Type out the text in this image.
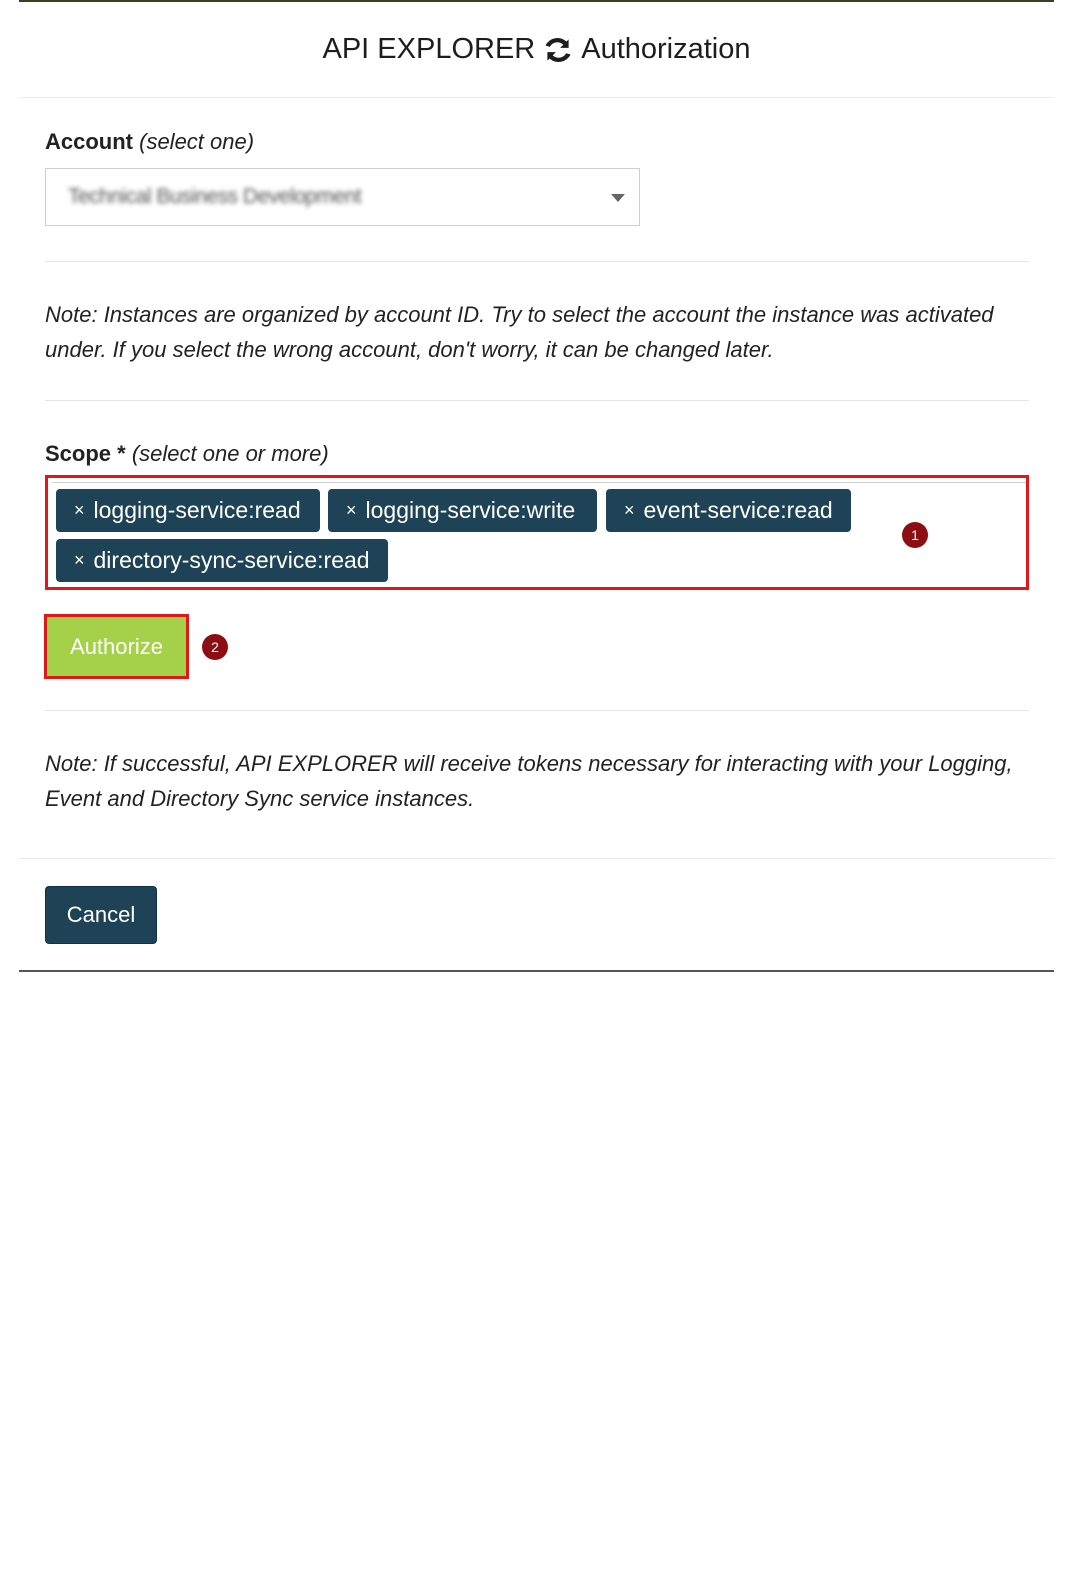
API EXPLORER Authorization
Account (select one)
Technical Business Development
Note: Instances are organized by account ID. Try to select the account the instance was activated under. If you select the wrong account, don't worry, it can be changed later.
Scope * (select one or more)
× logging-service:read	× logging-service:write	× event-service:read
× directory-sync-service:read
1
Authorize	2
Note: If successful, API EXPLORER will receive tokens necessary for interacting with your Logging, Event and Directory Sync service instances.
Cancel
